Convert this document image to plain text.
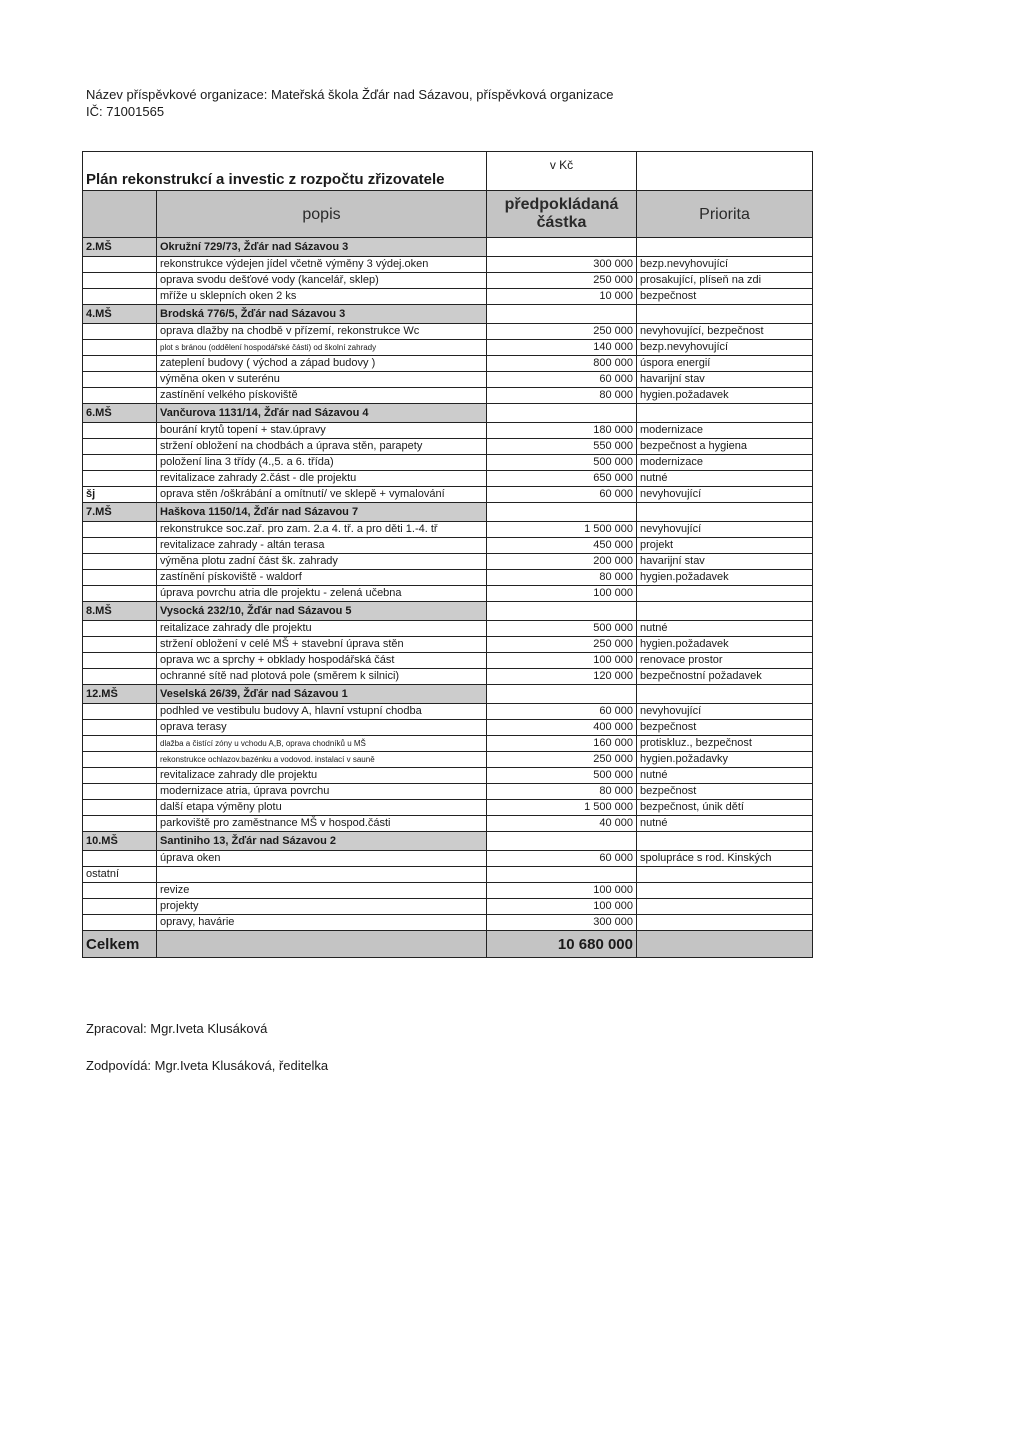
Název příspěvkové organizace: Mateřská škola Žďár nad Sázavou, příspěvková organizace
IČ: 71001565
Plán rekonstrukcí a investic z rozpočtu zřizovatele		v Kč	
	popis	předpokládaná částka	Priorita
2.MŠ	Okružní 729/73, Žďár nad Sázavou 3		
	rekonstrukce výdejen jídel včetně výměny 3 výdej.oken	300 000	bezp.nevyhovující
	oprava svodu dešťové vody (kancelář, sklep)	250 000	prosakující, plíseň na zdi
	mříže u sklepních oken 2 ks	10 000	bezpečnost
4.MŠ	Brodská 776/5, Žďár nad Sázavou 3		
	oprava dlažby na chodbě v přízemí, rekonstrukce Wc	250 000	nevyhovující, bezpečnost
	plot s bránou (oddělení hospodářské části) od školní zahrady	140 000	bezp.nevyhovující
	zateplení budovy ( východ a západ budovy )	800 000	úspora energií
	výměna oken v suterénu	60 000	havarijní stav
	zastínění velkého pískoviště	80 000	hygien.požadavek
6.MŠ	Vančurova 1131/14, Žďár nad Sázavou 4		
	bourání krytů topení + stav.úpravy	180 000	modernizace
	stržení obložení na chodbách a úprava stěn, parapety	550 000	bezpečnost a hygiena
	položení lina 3 třídy (4.,5. a 6. třída)	500 000	modernizace
	revitalizace zahrady 2.část - dle projektu	650 000	nutné
šj	oprava stěn /oškrábání a omítnutí/ ve sklepě + vymalování	60 000	nevyhovující
7.MŠ	Haškova 1150/14, Žďár nad Sázavou 7		
	rekonstrukce soc.zař. pro zam. 2.a 4. tř. a pro děti 1.-4. tř	1 500 000	nevyhovující
	revitalizace zahrady - altán terasa	450 000	projekt
	výměna plotu zadní část šk. zahrady	200 000	havarijní stav
	zastínění pískoviště - waldorf	80 000	hygien.požadavek
	úprava povrchu atria dle projektu - zelená učebna	100 000	
8.MŠ	Vysocká 232/10, Žďár nad Sázavou 5		
	reitalizace zahrady dle projektu	500 000	nutné
	stržení obložení v celé MŠ + stavební úprava stěn	250 000	hygien.požadavek
	oprava wc a sprchy + obklady hospodářská část	100 000	renovace prostor
	ochranné sítě nad plotová pole (směrem k silnici)	120 000	bezpečnostní požadavek
12.MŠ	Veselská 26/39, Žďár nad Sázavou 1		
	podhled ve vestibulu budovy A, hlavní vstupní chodba	60 000	nevyhovující
	oprava terasy	400 000	bezpečnost
	dlažba a čistící zóny u vchodu A,B, oprava chodníků u MŠ	160 000	protiskluz., bezpečnost
	rekonstrukce ochlazov.bazénku a vodovod. instalací v sauně	250 000	hygien.požadavky
	revitalizace zahrady dle projektu	500 000	nutné
	modernizace atria, úprava povrchu	80 000	bezpečnost
	další etapa výměny plotu	1 500 000	bezpečnost, únik dětí
	parkoviště pro zaměstnance MŠ v hospod.části	40 000	nutné
10.MŠ	Santiniho 13, Žďár nad Sázavou 2		
	úprava oken	60 000	spolupráce s rod. Kinských
ostatní			
	revize	100 000	
	projekty	100 000	
	opravy, havárie	300 000	
Celkem		10 680 000	
Zpracoval: Mgr.Iveta Klusáková
Zodpovídá: Mgr.Iveta Klusáková, ředitelka
